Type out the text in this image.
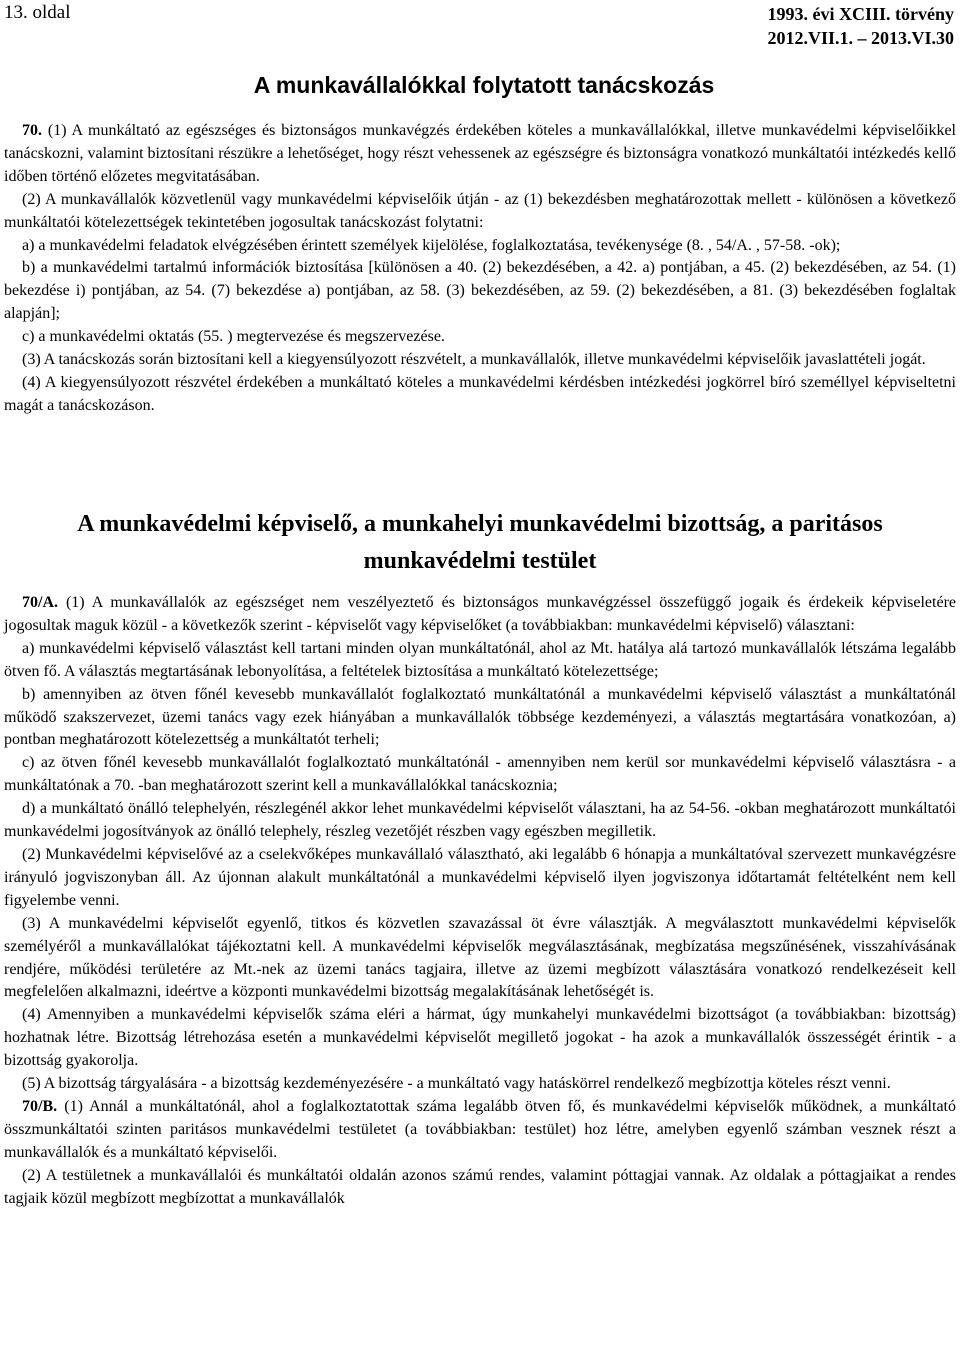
13. oldal	1993. évi XCIII. törvény
2012.VII.1. – 2013.VI.30
A munkavállalókkal folytatott tanácskozás

70. (1) A munkáltató az egészséges és biztonságos munkavégzés érdekében köteles a munkavállalókkal, illetve munkavédelmi képviselőikkel tanácskozni, valamint biztosítani részükre a lehetőséget, hogy részt vehessenek az egészségre és biztonságra vonatkozó munkáltatói intézkedés kellő időben történő előzetes megvitatásában.

(2) A munkavállalók közvetlenül vagy munkavédelmi képviselőik útján - az (1) bekezdésben meghatározottak mellett - különösen a következő munkáltatói kötelezettségek tekintetében jogosultak tanácskozást folytatni:

a) a munkavédelmi feladatok elvégzésében érintett személyek kijelölése, foglalkoztatása, tevékenysége (8. , 54/A. , 57-58. -ok);

b) a munkavédelmi tartalmú információk biztosítása [különösen a 40. (2) bekezdésében, a 42. a) pontjában, a 45. (2) bekezdésében, az 54. (1) bekezdése i) pontjában, az 54. (7) bekezdése a) pontjában, az 58. (3) bekezdésében, az 59. (2) bekezdésében, a 81. (3) bekezdésében foglaltak alapján];

c) a munkavédelmi oktatás (55. ) megtervezése és megszervezése.

(3) A tanácskozás során biztosítani kell a kiegyensúlyozott részvételt, a munkavállalók, illetve munkavédelmi képviselőik javaslattételi jogát.

(4) A kiegyensúlyozott részvétel érdekében a munkáltató köteles a munkavédelmi kérdésben intézkedési jogkörrel bíró személlyel képviseltetni magát a tanácskozáson.

A munkavédelmi képviselő, a munkahelyi munkavédelmi bizottság, a paritásos munkavédelmi testület

70/A. (1) A munkavállalók az egészséget nem veszélyeztető és biztonságos munkavégzéssel összefüggő jogaik és érdekeik képviseletére jogosultak maguk közül - a következők szerint - képviselőt vagy képviselőket (a továbbiakban: munkavédelmi képviselő) választani:

a) munkavédelmi képviselő választást kell tartani minden olyan munkáltatónál, ahol az Mt. hatálya alá tartozó munkavállalók létszáma legalább ötven fő. A választás megtartásának lebonyolítása, a feltételek biztosítása a munkáltató kötelezettsége;

b) amennyiben az ötven főnél kevesebb munkavállalót foglalkoztató munkáltatónál a munkavédelmi képviselő választást a munkáltatónál működő szakszervezet, üzemi tanács vagy ezek hiányában a munkavállalók többsége kezdeményezi, a választás megtartására vonatkozóan, a) pontban meghatározott kötelezettség a munkáltatót terheli;

c) az ötven főnél kevesebb munkavállalót foglalkoztató munkáltatónál - amennyiben nem kerül sor munkavédelmi képviselő választásra - a munkáltatónak a 70. -ban meghatározott szerint kell a munkavállalókkal tanácskoznia;

d) a munkáltató önálló telephelyén, részlegénél akkor lehet munkavédelmi képviselőt választani, ha az 54-56. -okban meghatározott munkáltatói munkavédelmi jogosítványok az önálló telephely, részleg vezetőjét részben vagy egészben megilletik.

(2) Munkavédelmi képviselővé az a cselekvőképes munkavállaló választható, aki legalább 6 hónapja a munkáltatóval szervezett munkavégzésre irányuló jogviszonyban áll. Az újonnan alakult munkáltatónál a munkavédelmi képviselő ilyen jogviszonya időtartamát feltételként nem kell figyelembe venni.

(3) A munkavédelmi képviselőt egyenlő, titkos és közvetlen szavazással öt évre választják. A megválasztott munkavédelmi képviselők személyéről a munkavállalókat tájékoztatni kell. A munkavédelmi képviselők megválasztásának, megbízatása megszűnésének, visszahívásának rendjére, működési területére az Mt.-nek az üzemi tanács tagjaira, illetve az üzemi megbízott választására vonatkozó rendelkezéseit kell megfelelően alkalmazni, ideértve a központi munkavédelmi bizottság megalakításának lehetőségét is.

(4) Amennyiben a munkavédelmi képviselők száma eléri a hármat, úgy munkahelyi munkavédelmi bizottságot (a továbbiakban: bizottság) hozhatnak létre. Bizottság létrehozása esetén a munkavédelmi képviselőt megillető jogokat - ha azok a munkavállalók összességét érintik - a bizottság gyakorolja.

(5) A bizottság tárgyalására - a bizottság kezdeményezésére - a munkáltató vagy hatáskörrel rendelkező megbízottja köteles részt venni.

70/B. (1) Annál a munkáltatónál, ahol a foglalkoztatottak száma legalább ötven fő, és munkavédelmi képviselők működnek, a munkáltató összmunkáltatói szinten paritásos munkavédelmi testületet (a továbbiakban: testület) hoz létre, amelyben egyenlő számban vesznek részt a munkavállalók és a munkáltató képviselői.

(2) A testületnek a munkavállalói és munkáltatói oldalán azonos számú rendes, valamint póttagjai vannak. Az oldalak a póttagjaikat a rendes tagjaik közül megbízott megbízottat a munkavállalók
